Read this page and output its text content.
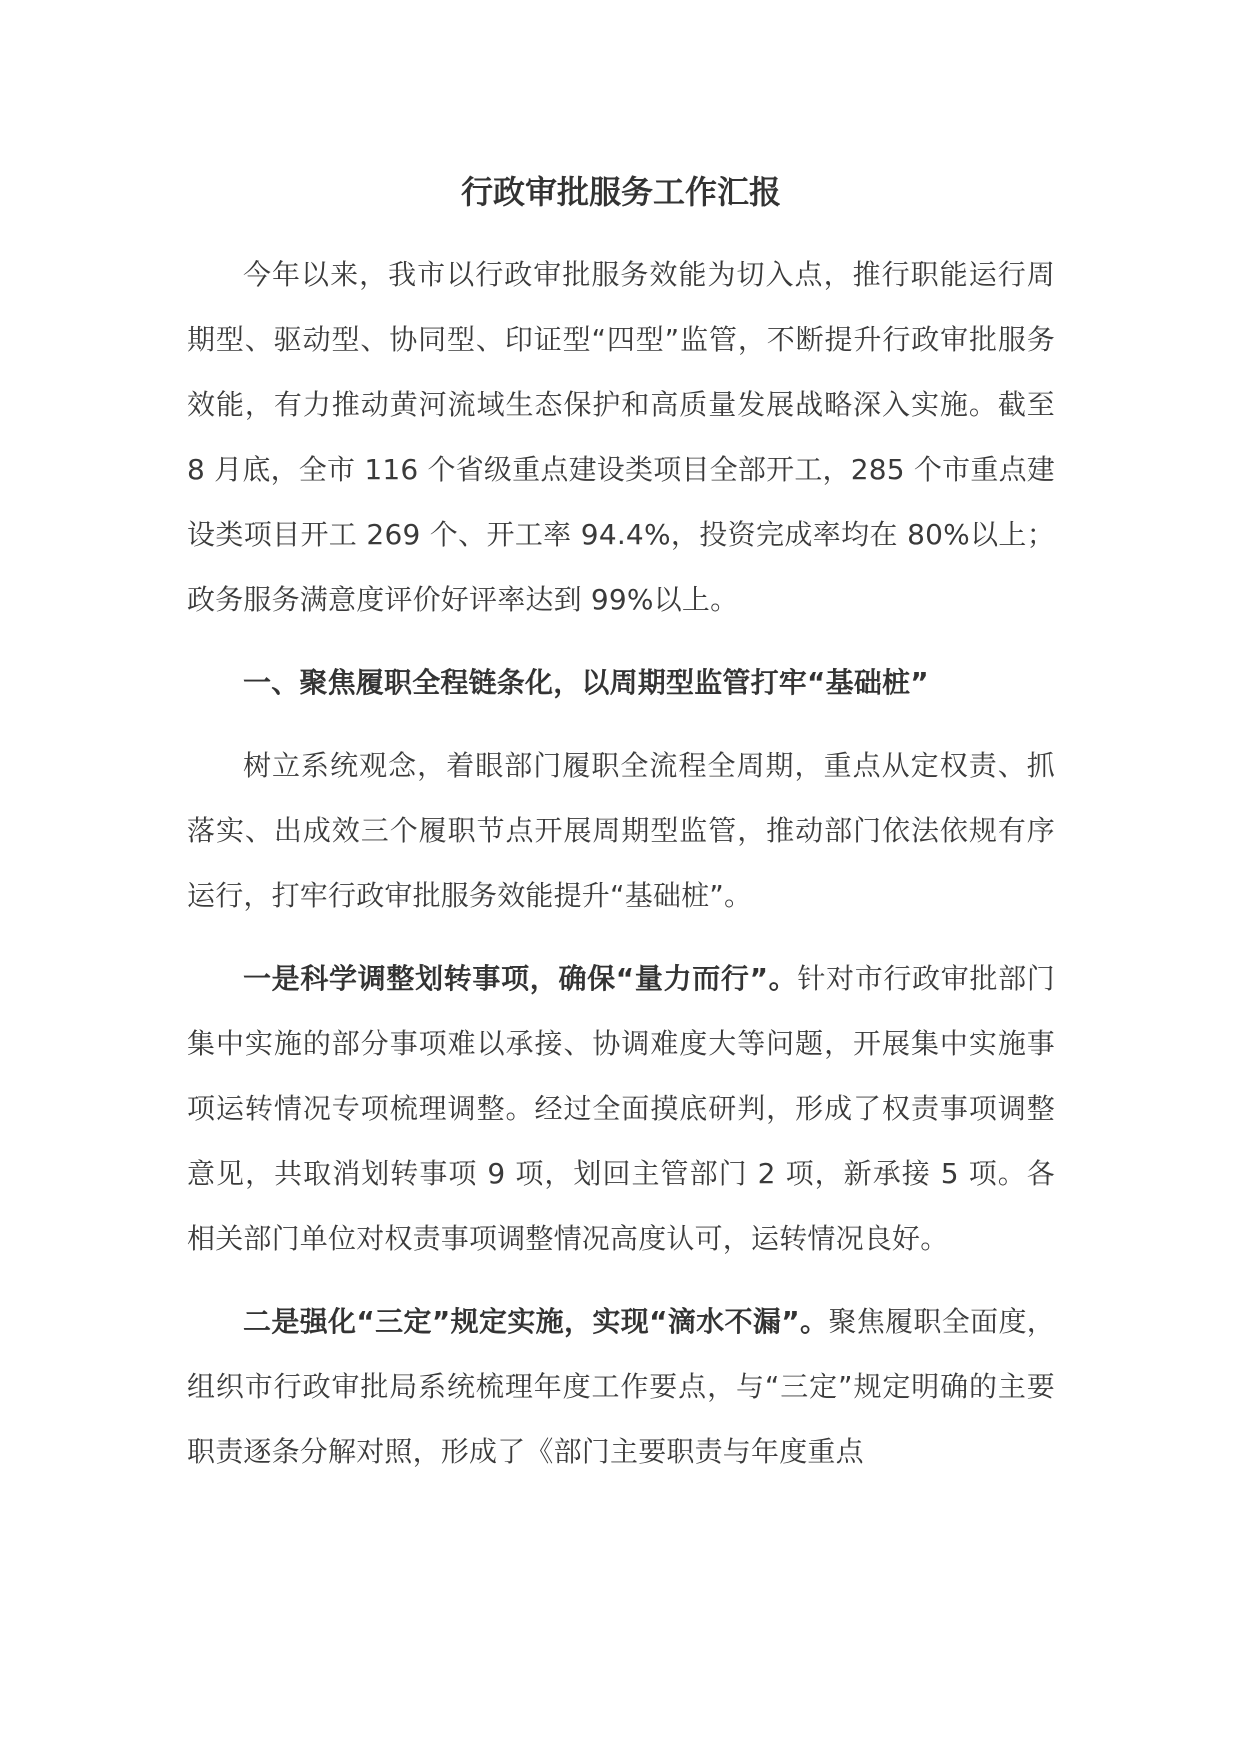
行政审批服务工作汇报

今年以来，我市以行政审批服务效能为切入点，推行职能运行周期型、驱动型、协同型、印证型“四型”监管，不断提升行政审批服务效能，有力推动黄河流域生态保护和高质量发展战略深入实施。截至 8 月底，全市 116 个省级重点建设类项目全部开工，285 个市重点建设类项目开工 269 个、开工率 94.4%，投资完成率均在 80%以上；政务服务满意度评价好评率达到 99%以上。

一、聚焦履职全程链条化，以周期型监管打牢“基础桩”

树立系统观念，着眼部门履职全流程全周期，重点从定权责、抓落实、出成效三个履职节点开展周期型监管，推动部门依法依规有序运行，打牢行政审批服务效能提升“基础桩”。

一是科学调整划转事项，确保“量力而行”。针对市行政审批部门集中实施的部分事项难以承接、协调难度大等问题，开展集中实施事项运转情况专项梳理调整。经过全面摸底研判，形成了权责事项调整意见，共取消划转事项 9 项，划回主管部门 2 项，新承接 5 项。各相关部门单位对权责事项调整情况高度认可，运转情况良好。

二是强化“三定”规定实施，实现“滴水不漏”。聚焦履职全面度，组织市行政审批局系统梳理年度工作要点，与“三定”规定明确的主要职责逐条分解对照，形成了《部门主要职责与年度重点
